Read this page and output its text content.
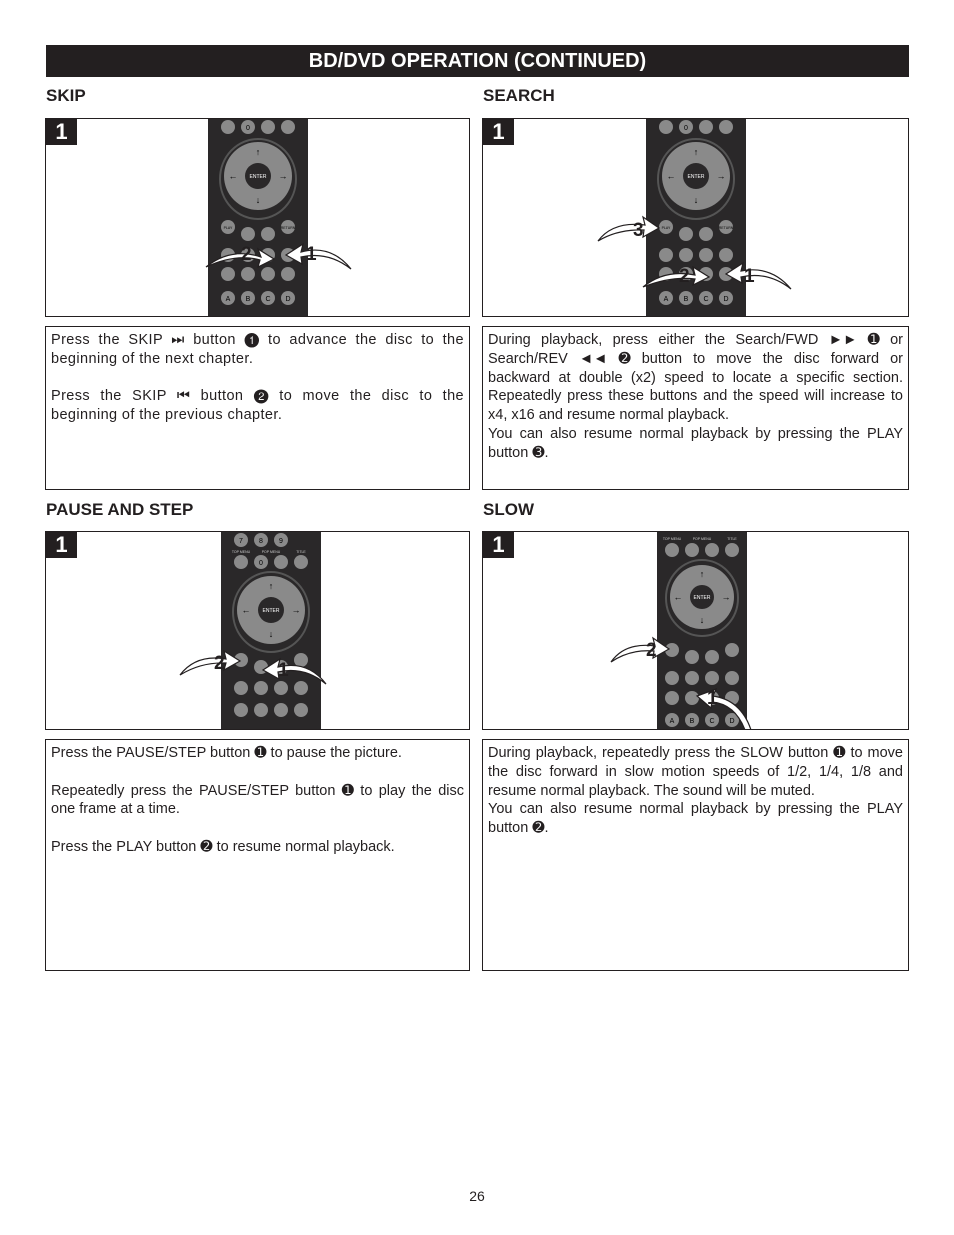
BD/DVD OPERATION (CONTINUED)
SKIP
1	0
ENTER
↑
↓
←	→
PLAY	RETURN
A B C D
2	1

Press the SKIP ⏭ button ➊ to advance the disc to the beginning of the next chapter.

Press the SKIP ⏮ button ➋ to move the disc to the beginning of the previous chapter.

SEARCH
1	0
ENTER
↑
↓
←	→
PLAY	RETURN
A B C D
3
2	1

During playback, press either the Search/FWD ►► ➊ or Search/REV ◄◄ ➋ button to move the disc forward or backward at double (x2) speed to locate a specific section. Repeatedly press these buttons and the speed will increase to x4, x16 and resume normal playback.

You can also resume normal playback by pressing the PLAY button ➌.

PAUSE AND STEP
1	7 8 9
TOP MENU	POP MENU	TITLE
0
ENTER
↑
↓
←	→
2	1

Press the PAUSE/STEP button ➊ to pause the picture.

Repeatedly press the PAUSE/STEP button ➊ to play the disc one frame at a time.

Press the PLAY button ➋ to resume normal playback.

SLOW
1	TOP MENU	POP MENU	TITLE
ENTER
↑
↓
←	→
A B C D
2
1

During playback, repeatedly press the SLOW button ➊ to move the disc forward in slow motion speeds of 1/2, 1/4, 1/8 and resume normal playback. The sound will be muted.

You can also resume normal playback by pressing the PLAY button ➋.

26
